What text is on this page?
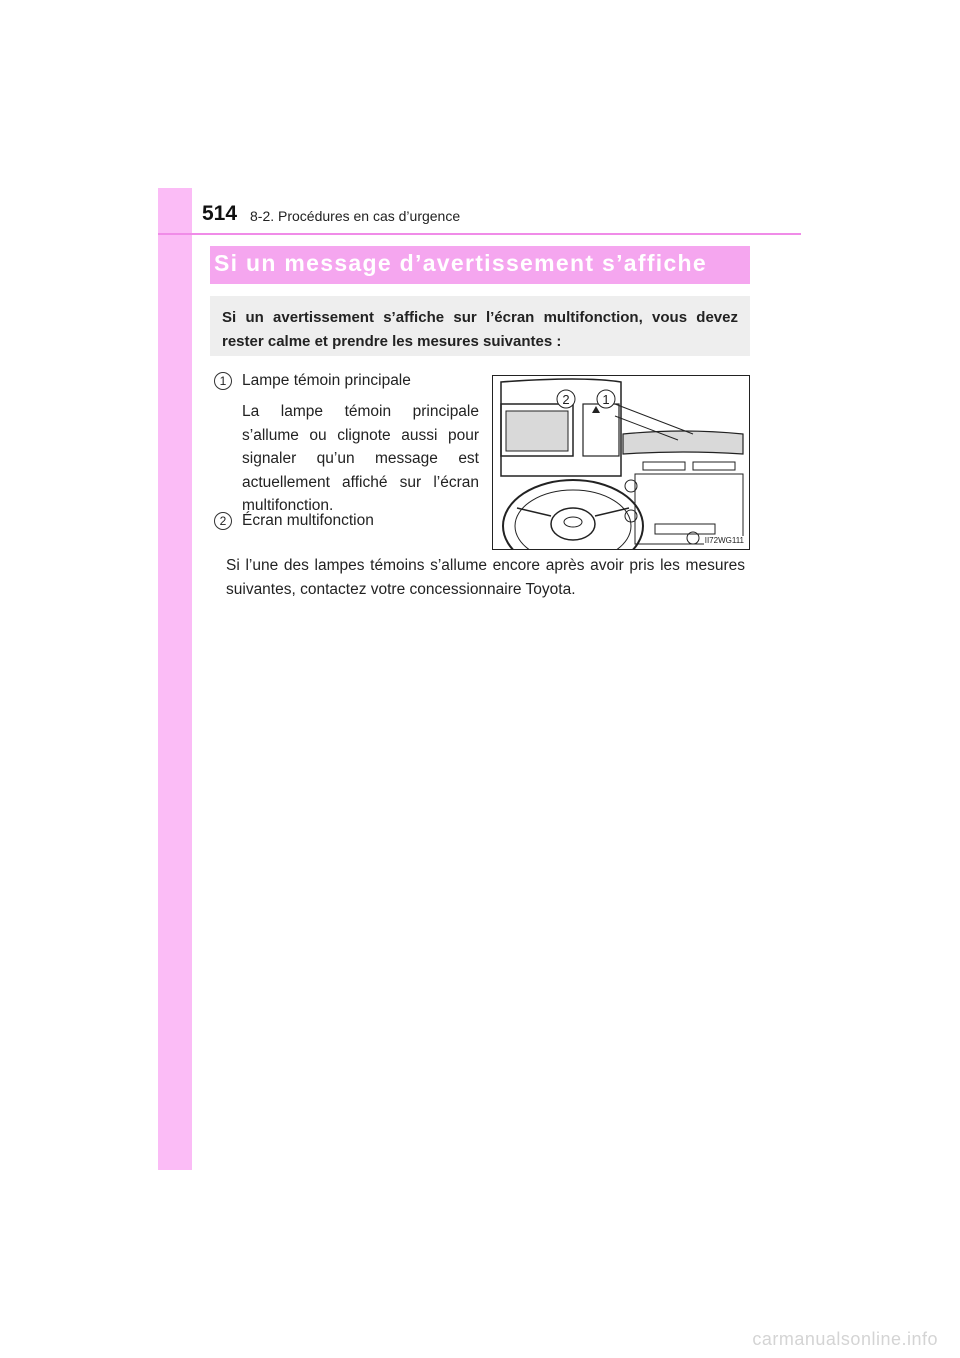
514 8-2. Procédures en cas d’urgence
Si un message d’avertissement s’affiche
Si un avertissement s’affiche sur l’écran multifonction, vous devez rester calme et prendre les mesures suivantes :
1	Lampe témoin principale
La lampe témoin principale
s’allume ou clignote aussi pour
signaler qu’un message est
actuellement affiché sur l’écran
multifonction.
2	Écran multifonction
Si l’une des lampes témoins s’allume encore après avoir pris les mesures suivantes, contactez votre concessionnaire Toyota.
2	1
II72WG111
carmanualsonline.info
